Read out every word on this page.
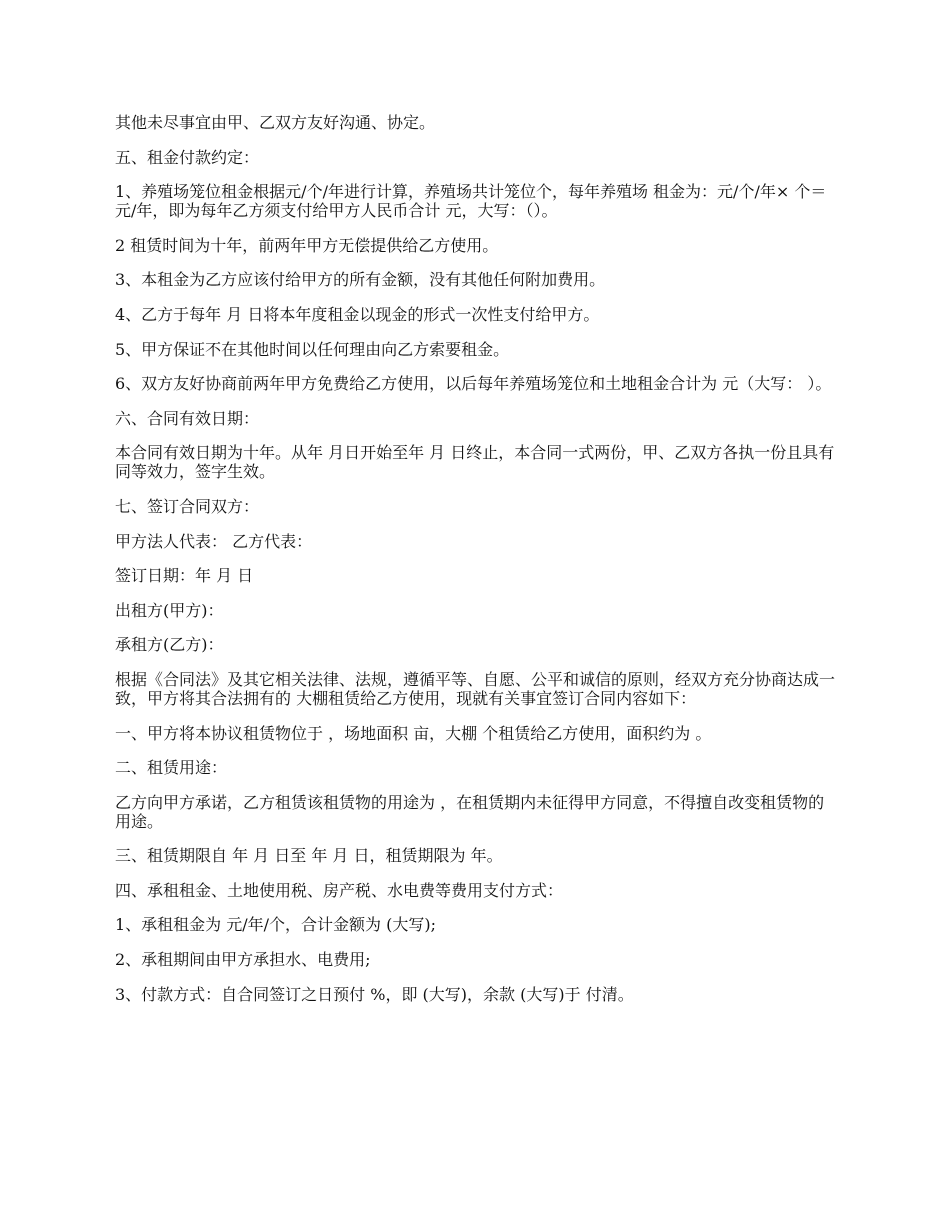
其他未尽事宜由甲、乙双方友好沟通、协定。

五、租金付款约定：

1、养殖场笼位租金根据元/个/年进行计算，养殖场共计笼位个，每年养殖场 租金为：元/个/年× 个＝ 元/年，即为每年乙方须支付给甲方人民币合计 元，大写：（）。

2 租赁时间为十年，前两年甲方无偿提供给乙方使用。

3、本租金为乙方应该付给甲方的所有金额，没有其他任何附加费用。

4、乙方于每年 月 日将本年度租金以现金的形式一次性支付给甲方。

5、甲方保证不在其他时间以任何理由向乙方索要租金。

6、双方友好协商前两年甲方免费给乙方使用，以后每年养殖场笼位和土地租金合计为 元（大写： ）。

六、合同有效日期：

本合同有效日期为十年。从年 月日开始至年 月 日终止，本合同一式两份，甲、乙双方各执一份且具有同等效力，签字生效。

七、签订合同双方：

甲方法人代表： 乙方代表：

签订日期：年 月 日

出租方(甲方)：

承租方(乙方)：

根据《合同法》及其它相关法律、法规，遵循平等、自愿、公平和诚信的原则，经双方充分协商达成一致，甲方将其合法拥有的 大棚租赁给乙方使用，现就有关事宜签订合同内容如下：

一、甲方将本协议租赁物位于 ，场地面积 亩，大棚 个租赁给乙方使用，面积约为 。

二、租赁用途：

乙方向甲方承诺，乙方租赁该租赁物的用途为 ，在租赁期内未征得甲方同意，不得擅自改变租赁物的用途。

三、租赁期限自 年 月 日至 年 月 日，租赁期限为 年。

四、承租租金、土地使用税、房产税、水电费等费用支付方式：

1、承租租金为 元/年/个，合计金额为 (大写);

2、承租期间由甲方承担水、电费用;

3、付款方式：自合同签订之日预付 %，即 (大写)，余款 (大写)于 付清。
